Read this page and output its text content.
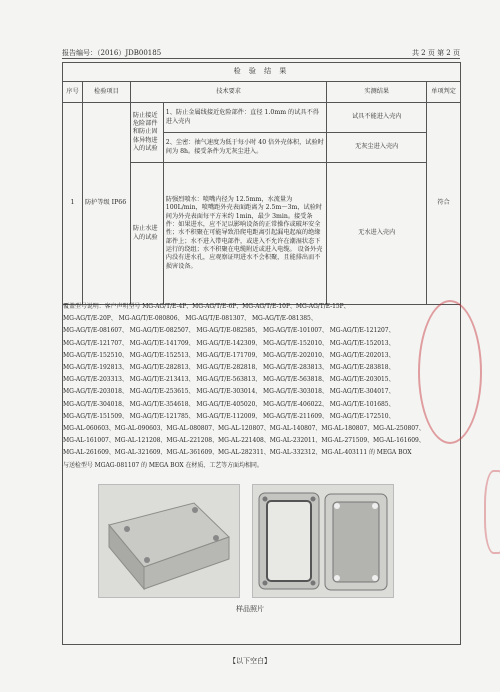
报告编号：（2016）JDB00185	共 2 页 第 2 页
检 验 结 果					
序号	检验项目	技术要求		实测结果	单项判定
1	防护等级 IP66	防止接近危险部件和防止固体异物进入的试验	1、防止金属线接近危险部件：直径 1.0mm 的试具不得进入壳内	试具不能进入壳内	符合
			2、尘密：抽气速度为低于每小时 40 倍外壳体积，试验时间为 8h。接受条件为无灰尘进入。	无灰尘进入壳内	
		防止水进入的试验	防强烈喷水：喷嘴内径为 12.5mm，水流量为 100L/min，喷嘴距外壳表面距离为 2.5m～3m，试验时间为外壳表面每平方米约 1min，最少 3min。接受条件：如果进水，应不足以影响设备的正常操作或破坏安全性；水不积聚在可能导致沿爬电距离引起漏电起痕的绝缘部件上；水不进入带电部件，或进入不允许在潮湿状态下运行的绕组；水不积聚在电缆附近或进入电缆。 设备外壳内没有进水孔，应观察证明进水不会积聚，且能排出而不损害设备。	无水进入壳内	

覆盖型号说明：客户声明型号 MG-AG/T/E-4P、MG-AG/T/E-6P、MG-AG/T/E-10P、MG-AG/T/E-15P、

MG-AG/T/E-20P、 MG-AG/T/E-080806、 MG-AG/T/E-081307、 MG-AG/T/E-081385、

MG-AG/T/E-081607、 MG-AG/T/E-082507、 MG-AG/T/E-082585、 MG-AG/T/E-101007、 MG-AG/T/E-121207、

MG-AG/T/E-121707、 MG-AG/T/E-141709、 MG-AG/T/E-142309、 MG-AG/T/E-152010、 MG-AG/T/E-152013、

MG-AG/T/E-152510、 MG-AG/T/E-152513、 MG-AG/T/E-171709、 MG-AG/T/E-202010、 MG-AG/T/E-202013、

MG-AG/T/E-192813、 MG-AG/T/E-282813、 MG-AG/T/E-282818、 MG-AG/T/E-283813、 MG-AG/T/E-283818、

MG-AG/T/E-203313、 MG-AG/T/E-213413、 MG-AG/T/E-563813、 MG-AG/T/E-563818、 MG-AG/T/E-203015、

MG-AG/T/E-203018、 MG-AG/T/E-253615、 MG-AG/T/E-303014、 MG-AG/T/E-303018、 MG-AG/T/E-304017、

MG-AG/T/E-304018、 MG-AG/T/E-354618、 MG-AG/T/E-405020、 MG-AG/T/E-406022、 MG-AG/T/E-101685、

MG-AG/T/E-151509、 MG-AG/T/E-121785、 MG-AG/T/E-112009、 MG-AG/T/E-211609、 MG-AG/T/E-172510、

MG-AL-060603、MG-AL-090603、MG-AL-080807、MG-AL-120807、MG-AL-140807、MG-AL-180807、MG-AL-250807、

MG-AL-161007、MG-AL-121208、MG-AL-221208、MG-AL-221408、MG-AL-232011、MG-AL-271509、MG-AL-161609、

MG-AL-261609、MG-AL-321609、MG-AL-361609、MG-AL-282311、MG-AL-332312、MG-AL-403111 的 MEGA BOX

与送检型号 MGAG-081107 的 MEGA BOX 在材质、工艺等方面均相同。

样品照片
【以下空白】
